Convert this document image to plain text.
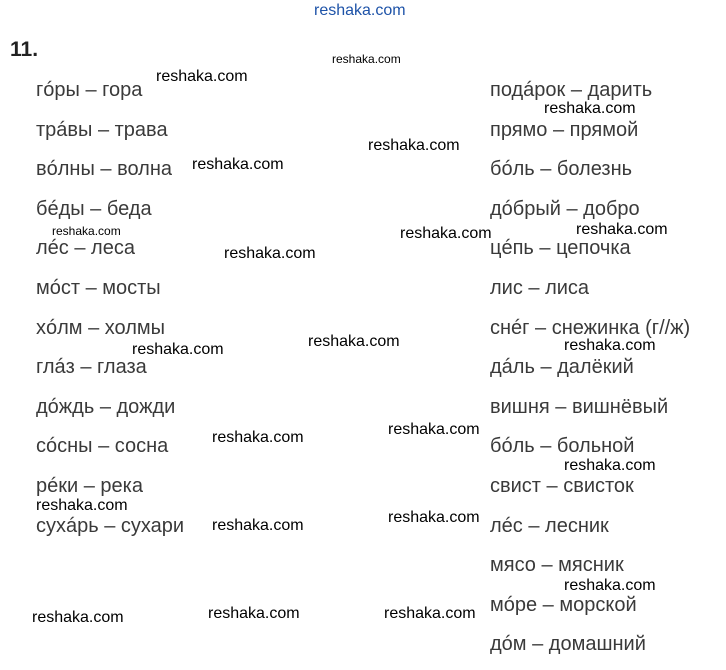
reshaka.com
11.
гóры – гора
трáвы – трава
вóлны – волна
бéды – беда
лéс – леса
мóст – мосты
хóлм – холмы
глáз – глаза
дóждь – дожди
сóсны – сосна
рéки – река
сухáрь – сухари
подáрок – дарить
прямо – прямой
бóль – болезнь
дóбрый – добро
цéпь – цепочка
лис – лиса
снéг – снежинка (г//ж)
дáль – далёкий
вишня – вишнёвый
бóль – больной
свист – свисток
лéс – лесник
мясо – мясник
мóре – морской
дóм – домашний
reshaka.com
reshaka.com
reshaka.com
reshaka.com
reshaka.com
reshaka.com	reshaka.com	reshaka.com
reshaka.com
reshaka.com	reshaka.com
reshaka.com
reshaka.com
reshaka.com
reshaka.com
reshaka.com
reshaka.com
reshaka.com
reshaka.com
reshaka.com	reshaka.com
reshaka.com
